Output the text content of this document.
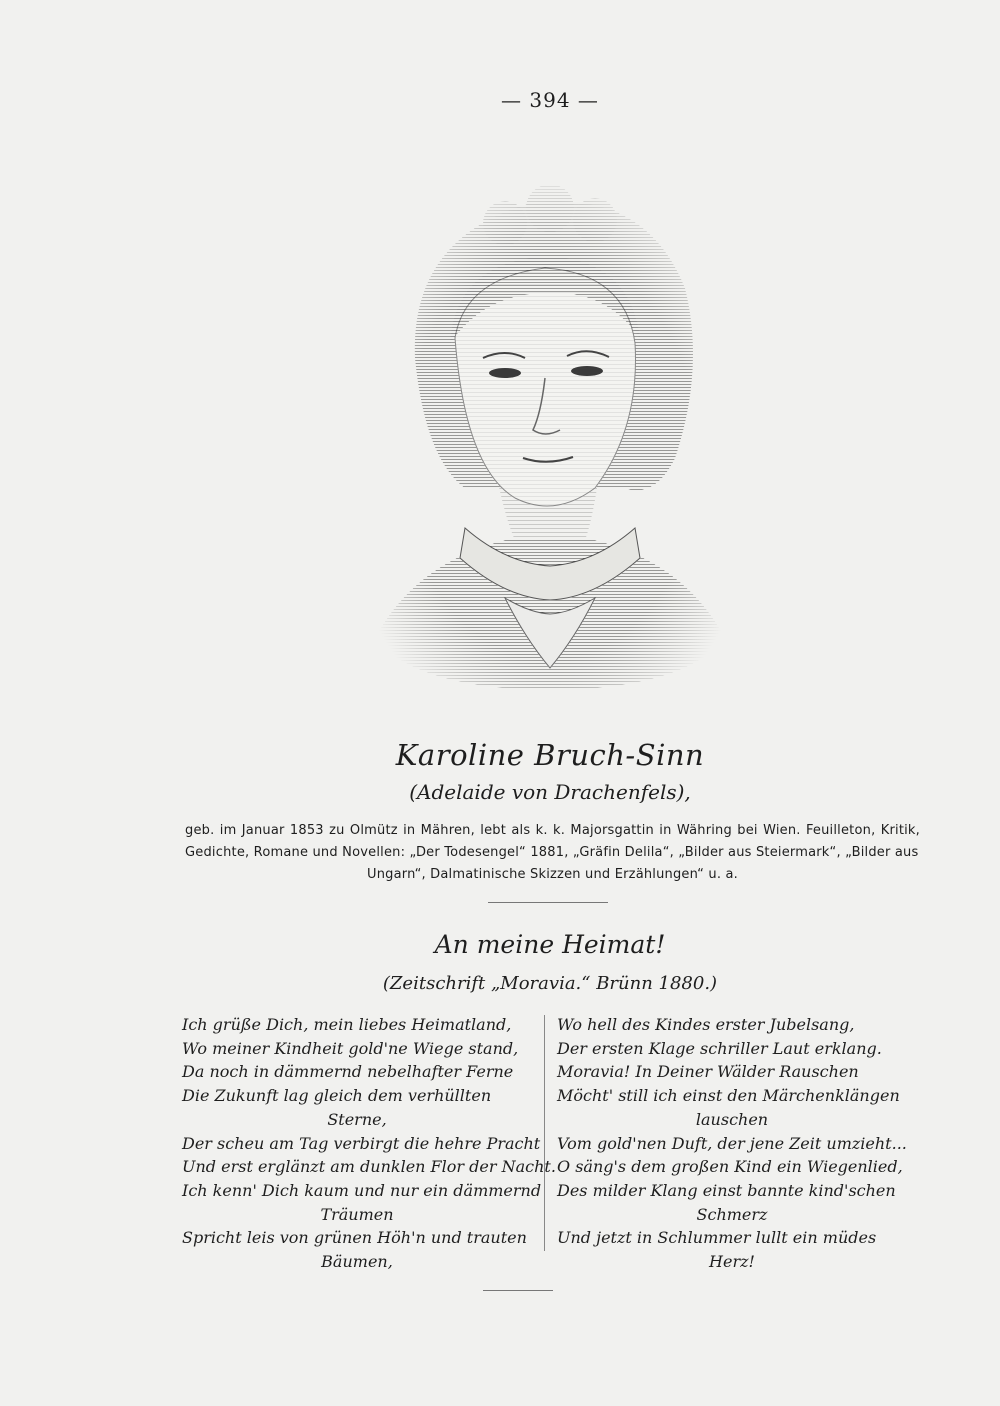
— 394 —
Karoline Bruch-Sinn
(Adelaide von Drachenfels),
geb. im Januar 1853 zu Olmütz in Mähren, lebt als k. k. Majorsgattin in Währing bei Wien. Feuilleton, Kritik, Gedichte, Romane und Novellen: „Der Todesengel“ 1881, „Gräfin Delila“, „Bilder aus Steiermark“, „Bilder aus
Ungarn“, Dalmatinische Skizzen und Erzählungen“ u. a.
An meine Heimat!
(Zeitschrift „Moravia.“ Brünn 1880.)
Ich grüße Dich, mein liebes Heimatland,
Wo meiner Kindheit gold'ne Wiege stand,
Da noch in dämmernd nebelhafter Ferne
Die Zukunft lag gleich dem verhüllten
Sterne,
Der scheu am Tag verbirgt die hehre Pracht
Und erst erglänzt am dunklen Flor der Nacht.
Ich kenn' Dich kaum und nur ein dämmernd
Träumen
Spricht leis von grünen Höh'n und trauten
Bäumen,
Wo hell des Kindes erster Jubelsang,
Der ersten Klage schriller Laut erklang.
Moravia! In Deiner Wälder Rauschen
Möcht' still ich einst den Märchenklängen
lauschen
Vom gold'nen Duft, der jene Zeit umzieht...
O säng's dem großen Kind ein Wiegenlied,
Des milder Klang einst bannte kind'schen
Schmerz
Und jetzt in Schlummer lullt ein müdes
Herz!
